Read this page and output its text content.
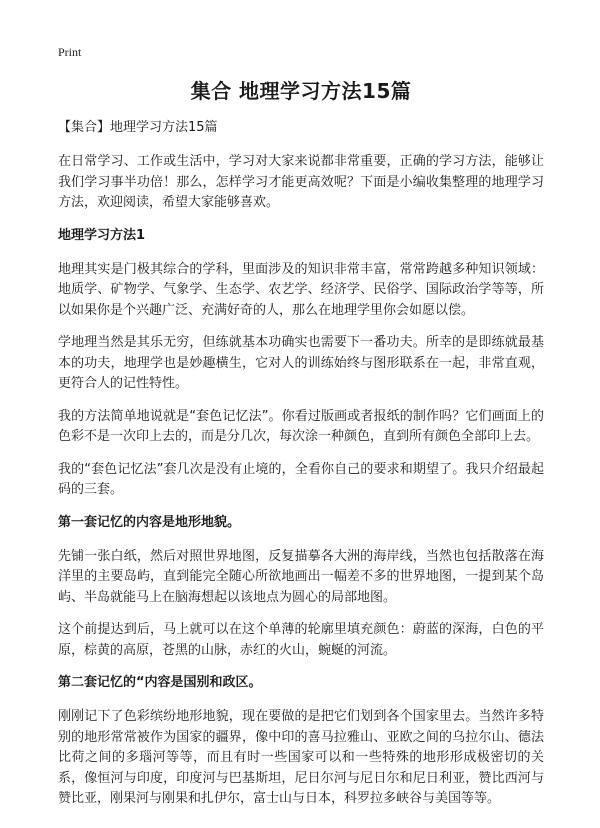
Print
集合 地理学习方法15篇
【集合】地理学习方法15篇

在日常学习、工作或生活中，学习对大家来说都非常重要，正确的学习方法，能够让我们学习事半功倍！那么，怎样学习才能更高效呢？下面是小编收集整理的地理学习方法，欢迎阅读，希望大家能够喜欢。

地理学习方法1

地理其实是门极其综合的学科，里面涉及的知识非常丰富，常常跨越多种知识领域：地质学、矿物学、气象学、生态学、农艺学、经济学、民俗学、国际政治学等等，所以如果你是个兴趣广泛、充满好奇的人，那么在地理学里你会如愿以偿。

学地理当然是其乐无穷，但练就基本功确实也需要下一番功夫。所幸的是即练就最基本的功夫，地理学也是妙趣横生，它对人的训练始终与图形联系在一起，非常直观，更符合人的记性特性。

我的方法简单地说就是“套色记忆法”。你看过版画或者报纸的制作吗？它们画面上的色彩不是一次印上去的，而是分几次，每次涂一种颜色，直到所有颜色全部印上去。

我的“套色记忆法”套几次是没有止境的，全看你自己的要求和期望了。我只介绍最起码的三套。

第一套记忆的内容是地形地貌。

先铺一张白纸，然后对照世界地图，反复描摹各大洲的海岸线，当然也包括散落在海洋里的主要岛屿，直到能完全随心所欲地画出一幅差不多的世界地图，一提到某个岛屿、半岛就能马上在脑海想起以该地点为圆心的局部地图。

这个前提达到后，马上就可以在这个单薄的轮廓里填充颜色：蔚蓝的深海，白色的平原，棕黄的高原，苍黑的山脉，赤红的火山，蜿蜒的河流。

第二套记忆的“内容是国别和政区。

刚刚记下了色彩缤纷地形地貌，现在要做的是把它们划到各个国家里去。当然许多特别的地形常常被作为国家的疆界，像中印的喜马拉雅山、亚欧之间的乌拉尔山、德法比荷之间的多瑙河等等，而且有时一些国家可以和一些特殊的地形形成极密切的关系，像恒河与印度，印度河与巴基斯坦，尼日尔河与尼日尔和尼日利亚，赞比西河与赞比亚，刚果河与刚果和扎伊尔，富士山与日本，科罗拉多峡谷与美国等等。
